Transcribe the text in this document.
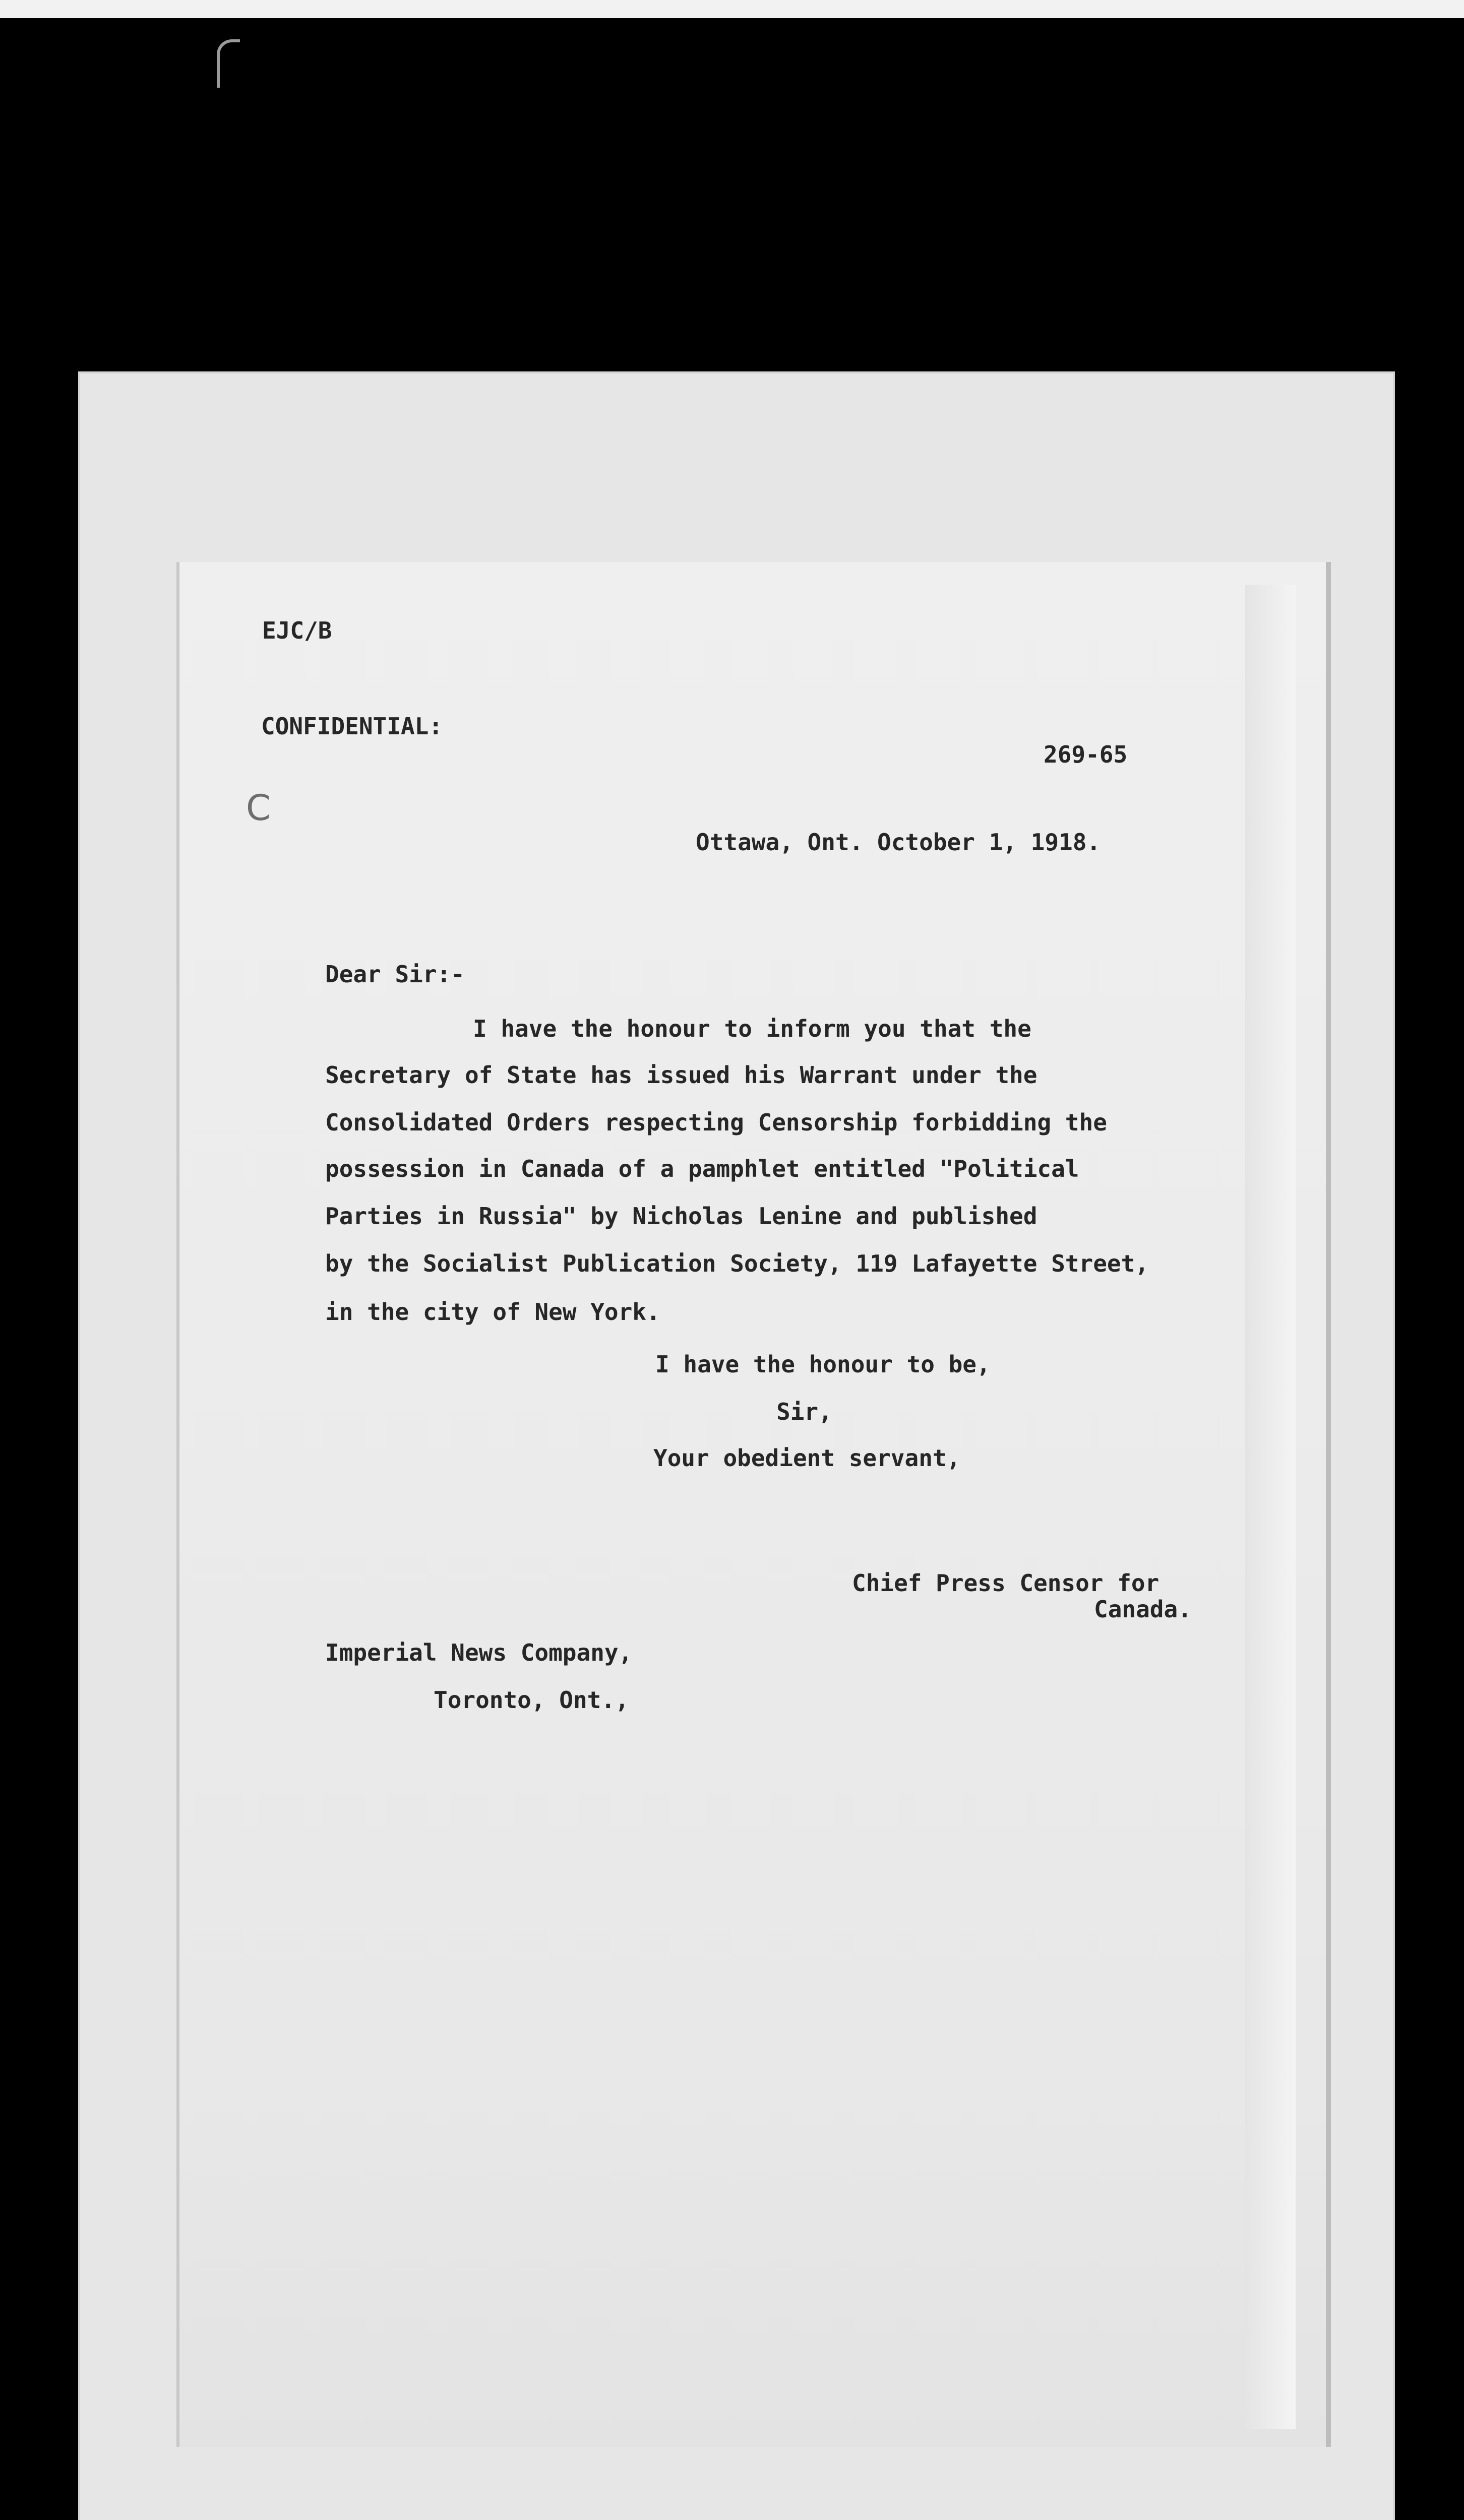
EJC/B
CONFIDENTIAL:
269-65
C
Ottawa, Ont. October 1, 1918.
Dear Sir:-
I have the honour to inform you that the
Secretary of State has issued his Warrant under the
Consolidated Orders respecting Censorship forbidding the
possession in Canada of a pamphlet entitled "Political
Parties in Russia" by Nicholas Lenine and published
by the Socialist Publication Society, 119 Lafayette Street,
in the city of New York.
I have the honour to be,
Sir,
Your obedient servant,
Chief Press Censor for
Canada.
Imperial News Company,
Toronto, Ont.,
